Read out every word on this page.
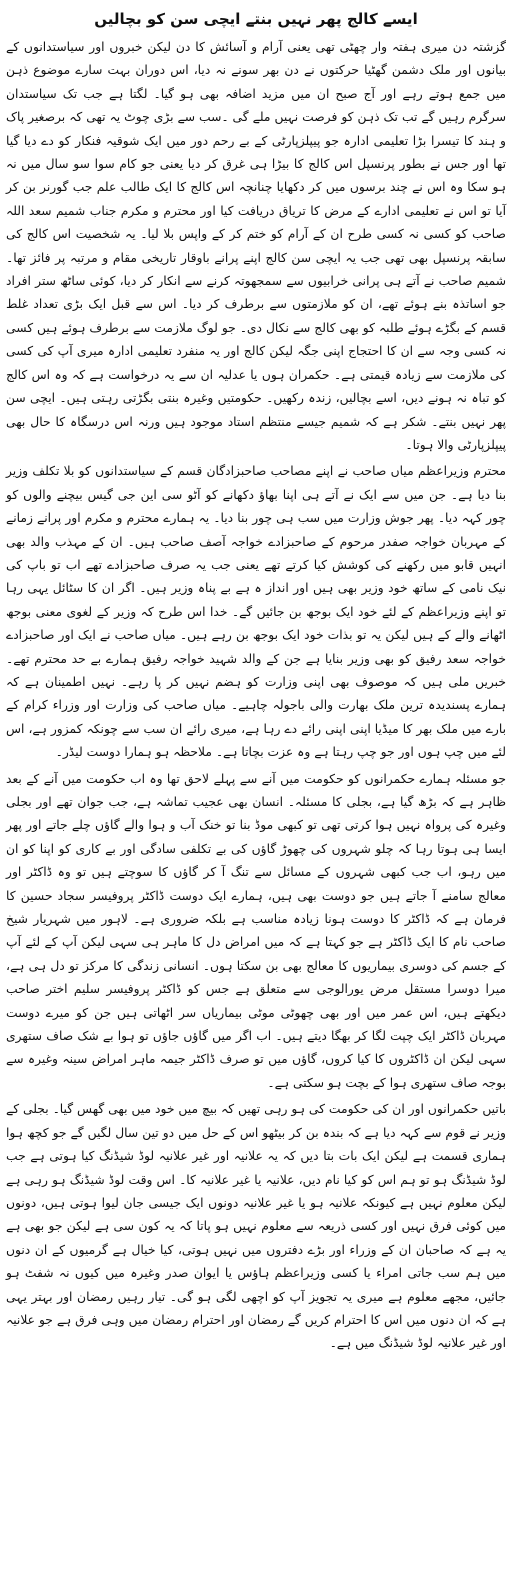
ایسے کالج پھر نہیں بنتے ایچی سن کو بچالیں

گزشتہ دن میری ہفتہ وار چھٹی تھی یعنی آرام و آسائش کا دن لیکن خبروں اور سیاستدانوں کے بیانوں اور ملک دشمن گھٹیا حرکتوں نے دن بھر سونے نہ دیا، اس دوران بہت سارے موضوع ذہن میں جمع ہوتے رہے اور آج صبح ان میں مزید اضافہ بھی ہو گیا۔ لگتا ہے جب تک سیاستدان سرگرم رہیں گے تب تک ذہن کو فرصت نہیں ملے گی ۔سب سے بڑی چوٹ یہ تھی کہ برصغیر پاک و ہند کا تیسرا بڑا تعلیمی ادارہ جو پیپلزپارٹی کے بے رحم دور میں ایک شوقیہ فنکار کو دے دیا گیا تھا اور جس نے بطور پرنسپل اس کالج کا بیڑا ہی غرق کر دیا یعنی جو کام سوا سو سال میں نہ ہو سکا وہ اس نے چند برسوں میں کر دکھایا چنانچہ اس کالج کا ایک طالب علم جب گورنر بن کر آیا تو اس نے تعلیمی ادارے کے مرض کا تریاق دریافت کیا اور محترم و مکرم جناب شمیم سعد اللہ صاحب کو کسی نہ کسی طرح ان کے آرام کو ختم کر کے واپس بلا لیا۔ یہ شخصیت اس کالج کی سابقہ پرنسپل بھی تھی جب یہ ایچی سن کالج اپنے پرانے باوقار تاریخی مقام و مرتبہ پر فائز تھا۔ شمیم صاحب نے آتے ہی پرانی خرابیوں سے سمجھوتہ کرنے سے انکار کر دیا، کوئی ساٹھ ستر افراد جو اساتذہ بنے ہوئے تھے، ان کو ملازمتوں سے برطرف کر دیا۔ اس سے قبل ایک بڑی تعداد غلط قسم کے بگڑے ہوئے طلبہ کو بھی کالج سے نکال دی۔ جو لوگ ملازمت سے برطرف ہوئے ہیں کسی نہ کسی وجہ سے ان کا احتجاج اپنی جگہ لیکن کالج اور یہ منفرد تعلیمی ادارہ میری آپ کی کسی کی ملازمت سے زیادہ قیمتی ہے۔ حکمران ہوں یا عدلیہ ان سے یہ درخواست ہے کہ وہ اس کالج کو تباہ نہ ہونے دیں، اسے بچالیں، زندہ رکھیں۔ حکومتیں وغیرہ بنتی بگڑتی رہتی ہیں۔ ایچی سن پھر نہیں بنتے۔ شکر ہے کہ شمیم جیسے منتظم استاد موجود ہیں ورنہ اس درسگاہ کا حال بھی پیپلزپارٹی والا ہوتا۔

محترم وزیراعظم میاں صاحب نے اپنے مصاحب صاحبزادگان قسم کے سیاستدانوں کو بلا تکلف وزیر بنا دیا ہے۔ جن میں سے ایک نے آتے ہی اپنا بھاؤ دکھانے کو آٹو سی این جی گیس بیچنے والوں کو چور کہہ دیا۔ پھر جوش وزارت میں سب ہی چور بنا دیا۔ یہ ہمارے محترم و مکرم اور پرانے زمانے کے مہربان خواجہ صفدر مرحوم کے صاحبزادے خواجہ آصف صاحب ہیں۔ ان کے مہذب والد بھی انہیں قابو میں رکھنے کی کوشش کیا کرتے تھے یعنی جب یہ صرف صاحبزادے تھے اب تو باپ کی نیک نامی کے ساتھ خود وزیر بھی ہیں اور انداز ہ ہے بے پناہ وزیر ہیں۔ اگر ان کا سٹائل یہی رہا تو اپنے وزیراعظم کے لئے خود ایک بوجھ بن جائیں گے۔ خدا اس طرح کہ وزیر کے لغوی معنی بوجھ اٹھانے والے کے ہیں لیکن یہ تو بذات خود ایک بوجھ بن رہے ہیں۔ میاں صاحب نے ایک اور صاحبزادے خواجہ سعد رفیق کو بھی وزیر بنایا ہے جن کے والد شہید خواجہ رفیق ہمارے بے حد محترم تھے۔ خبریں ملی ہیں کہ موصوف بھی اپنی وزارت کو ہضم نہیں کر پا رہے۔ نہیں اطمینان ہے کہ ہمارے پسندیدہ ترین ملک بھارت والی باجولہ چاہیے۔ میاں صاحب کی وزارت اور وزراء کرام کے بارے میں ملک بھر کا میڈیا اپنی اپنی رائے دے رہا ہے، میری رائے ان سب سے چونکہ کمزور ہے، اس لئے میں چپ ہوں اور جو چپ رہتا ہے وہ عزت بچاتا ہے۔ ملاحظہ ہو ہمارا دوست لیڈر۔

جو مسئلہ ہمارے حکمرانوں کو حکومت میں آنے سے پہلے لاحق تھا وہ اب حکومت میں آنے کے بعد ظاہر ہے کہ بڑھ گیا ہے، بجلی کا مسئلہ۔ انسان بھی عجیب تماشہ ہے، جب جوان تھے اور بجلی وغیرہ کی پرواہ نہیں ہوا کرتی تھی تو کبھی موڈ بنا تو خنک آب و ہوا والے گاؤں چلے جاتے اور پھر ایسا ہی ہوتا رہا کہ چلو شہروں کی چھوڑ گاؤں کی بے تکلفی سادگی اور بے کاری کو اپنا کو ان میں رہو، اب جب کبھی شہروں کے مسائل سے تنگ آ کر گاؤں کا سوچتے ہیں تو وہ ڈاکٹر اور معالج سامنے آ جاتے ہیں جو دوست بھی ہیں، ہمارے ایک دوست ڈاکٹر پروفیسر سجاد حسین کا فرمان ہے کہ ڈاکٹر کا دوست ہونا زیادہ مناسب ہے بلکہ ضروری ہے۔ لاہور میں شہریار شیخ صاحب نام کا ایک ڈاکٹر ہے جو کہتا ہے کہ میں امراض دل کا ماہر ہی سہی لیکن آپ کے لئے آپ کے جسم کی دوسری بیماریوں کا معالج بھی بن سکتا ہوں۔ انسانی زندگی کا مرکز تو دل ہی ہے، میرا دوسرا مستقل مرض یورالوجی سے متعلق ہے جس کو ڈاکٹر پروفیسر سلیم اختر صاحب دیکھتے ہیں، اس عمر میں اور بھی چھوٹی موٹی بیماریاں سر اٹھاتی ہیں جن کو میرے دوست مہربان ڈاکٹر ایک چپت لگا کر بھگا دیتے ہیں۔ اب اگر میں گاؤں جاؤں تو ہوا بے شک صاف ستھری سہی لیکن ان ڈاکٹروں کا کیا کروں، گاؤں میں تو صرف ڈاکٹر جیمہ ماہر امراض سینہ وغیرہ سے بوجہ صاف ستھری ہوا کے بچت ہو سکتی ہے۔

باتیں حکمرانوں اور ان کی حکومت کی ہو رہی تھیں کہ بیچ میں خود میں بھی گھس گیا۔ بجلی کے وزیر نے قوم سے کہہ دیا ہے کہ بندہ بن کر بیٹھو اس کے حل میں دو تین سال لگیں گے جو کچھ ہوا ہماری قسمت ہے لیکن ایک بات بتا دیں کہ یہ علانیہ اور غیر علانیہ لوڈ شیڈنگ کیا ہوتی ہے جب لوڈ شیڈنگ ہو تو ہم اس کو کیا نام دیں، علانیہ یا غیر علانیہ کا۔ اس وقت لوڈ شیڈنگ ہو رہی ہے لیکن معلوم نہیں ہے کیونکہ علانیہ ہو یا غیر علانیہ دونوں ایک جیسی جان لیوا ہوتی ہیں، دونوں میں کوئی فرق نہیں اور کسی ذریعہ سے معلوم نہیں ہو پاتا کہ یہ کون سی ہے لیکن جو بھی ہے یہ ہے کہ صاحبان ان کے وزراء اور بڑے دفتروں میں نہیں ہوتی، کیا خیال ہے گرمیوں کے ان دنوں میں ہم سب جاتی امراء یا کسی وزیراعظم ہاؤس یا ایوان صدر وغیرہ میں کیوں نہ شفٹ ہو جائیں، مجھے معلوم ہے میری یہ تجویز آپ کو اچھی لگی ہو گی۔ تیار رہیں رمضان اور بہتر یہی ہے کہ ان دنوں میں اس کا احترام کریں گے رمضان اور احترام رمضان میں وہی فرق ہے جو علانیہ اور غیر علانیہ لوڈ شیڈنگ میں ہے۔
